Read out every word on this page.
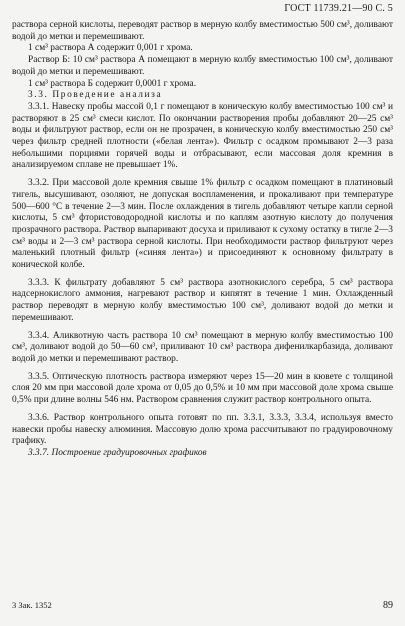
ГОСТ 11739.21—90 С. 5

раствора серной кислоты, переводят раствор в мерную колбу вместимостью 500 см³, доливают водой до метки и перемешивают.

1 см³ раствора А содержит 0,001 г хрома.

Раствор Б: 10 см³ раствора А помещают в мерную колбу вместимостью 100 см³, доливают водой до метки и перемешивают.

1 см³ раствора Б содержит 0,0001 г хрома.

3.3. Проведение анализа

3.3.1. Навеску пробы массой 0,1 г помещают в коническую колбу вместимостью 100 см³ и растворяют в 25 см³ смеси кислот. По окончании растворения пробы добавляют 20—25 см³ воды и фильтруют раствор, если он не прозрачен, в коническую колбу вместимостью 250 см³ через фильтр средней плотности («белая лента»). Фильтр с осадком промывают 2—3 раза небольшими порциями горячей воды и отбрасывают, если массовая доля кремния в анализируемом сплаве не превышает 1%.

3.3.2. При массовой доле кремния свыше 1% фильтр с осадком помещают в платиновый тигель, высушивают, озоляют, не допуская воспламенения, и прокаливают при температуре 500—600 °С в течение 2—3 мин. После охлаждения в тигель добавляют четыре капли серной кислоты, 5 см³ фтористоводородной кислоты и по каплям азотную кислоту до получения прозрачного раствора. Раствор выпаривают досуха и приливают к сухому остатку в тигле 2—3 см³ воды и 2—3 см³ раствора серной кислоты. При необходимости раствор фильтруют через маленький плотный фильтр («синяя лента») и присоединяют к основному фильтрату в конической колбе.

3.3.3. К фильтрату добавляют 5 см³ раствора азотнокислого серебра, 5 см³ раствора надсернокислого аммония, нагревают раствор и кипятят в течение 1 мин. Охлажденный раствор переводят в мерную колбу вместимостью 100 см³, доливают водой до метки и перемешивают.

3.3.4. Аликвотную часть раствора 10 см³ помещают в мерную колбу вместимостью 100 см³, доливают водой до 50—60 см³, приливают 10 см³ раствора дифенилкарбазида, доливают водой до метки и перемешивают раствор.

3.3.5. Оптическую плотность раствора измеряют через 15—20 мин в кювете с толщиной слоя 20 мм при массовой доле хрома от 0,05 до 0,5% и 10 мм при массовой доле хрома свыше 0,5% при длине волны 546 нм. Раствором сравнения служит раствор контрольного опыта.

3.3.6. Раствор контрольного опыта готовят по пп. 3.3.1, 3.3.3, 3.3.4, используя вместо навески пробы навеску алюминия. Массовую долю хрома рассчитывают по градуировочному графику.

3.3.7. Построение градуировочных графиков

3 Зак. 1352	89
